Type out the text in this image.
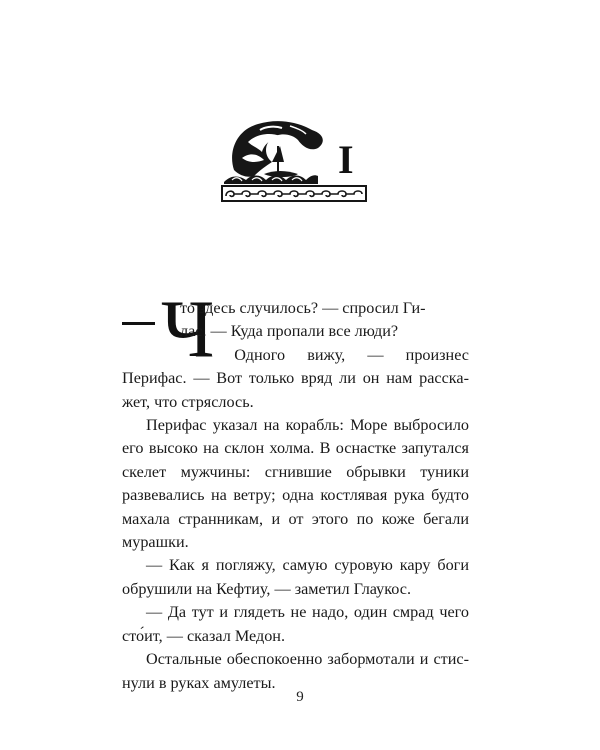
I
Ч

то здесь случилось? — спросил Ги-

лас. — Куда пропали все люди?

— Одного вижу, — произнес

Перифас. — Вот только вряд ли он нам расска-жет, что стряслось.

Перифас указал на корабль: Море выбросило его высоко на склон холма. В оснастке запутался скелет мужчины: сгнившие обрывки туники развевались на ветру; одна костлявая рука будто махала странникам, и от этого по коже бегали мурашки.

— Как я погляжу, самую суровую кару боги обрушили на Кефтиу, — заметил Глаукос.

— Да тут и глядеть не надо, один смрад чего сто́ит, — сказал Медон.

Остальные обеспокоенно забормотали и стис-нули в руках амулеты.

9
